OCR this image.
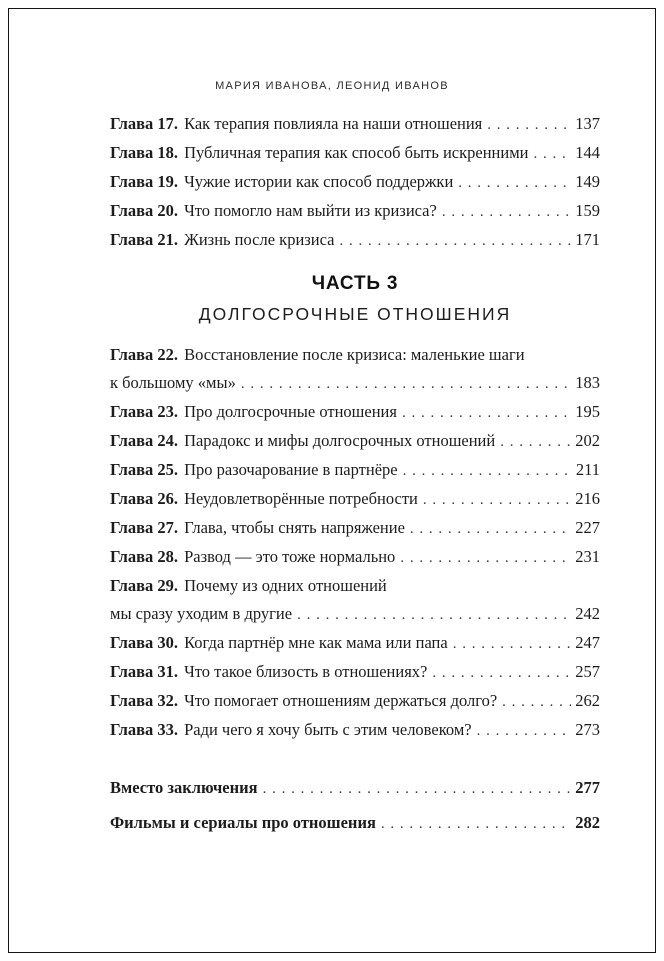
МАРИЯ ИВАНОВА, ЛЕОНИД ИВАНОВ
Глава 17. Как терапия повлияла на наши отношения . . .	137
Глава 18. Публичная терапия как способ быть искренними . . .	144
Глава 19. Чужие истории как способ поддержки . . .	149
Глава 20. Что помогло нам выйти из кризиса? . . .	159
Глава 21. Жизнь после кризиса . . .	171
ЧАСТЬ 3
ДОЛГОСРОЧНЫЕ ОТНОШЕНИЯ
Глава 22. Восстановление после кризиса: маленькие шаги
к большому «мы» . . .	183
Глава 23. Про долгосрочные отношения . . .	195
Глава 24. Парадокс и мифы долгосрочных отношений . . .	202
Глава 25. Про разочарование в партнёре . . .	211
Глава 26. Неудовлетворённые потребности . . .	216
Глава 27. Глава, чтобы снять напряжение . . .	227
Глава 28. Развод — это тоже нормально . . .	231
Глава 29. Почему из одних отношений
мы сразу уходим в другие . . .	242
Глава 30. Когда партнёр мне как мама или папа . . .	247
Глава 31. Что такое близость в отношениях? . . .	257
Глава 32. Что помогает отношениям держаться долго? . . .	262
Глава 33. Ради чего я хочу быть с этим человеком? . . .	273
Вместо заключения . . .	277
Фильмы и сериалы про отношения . . .	282
